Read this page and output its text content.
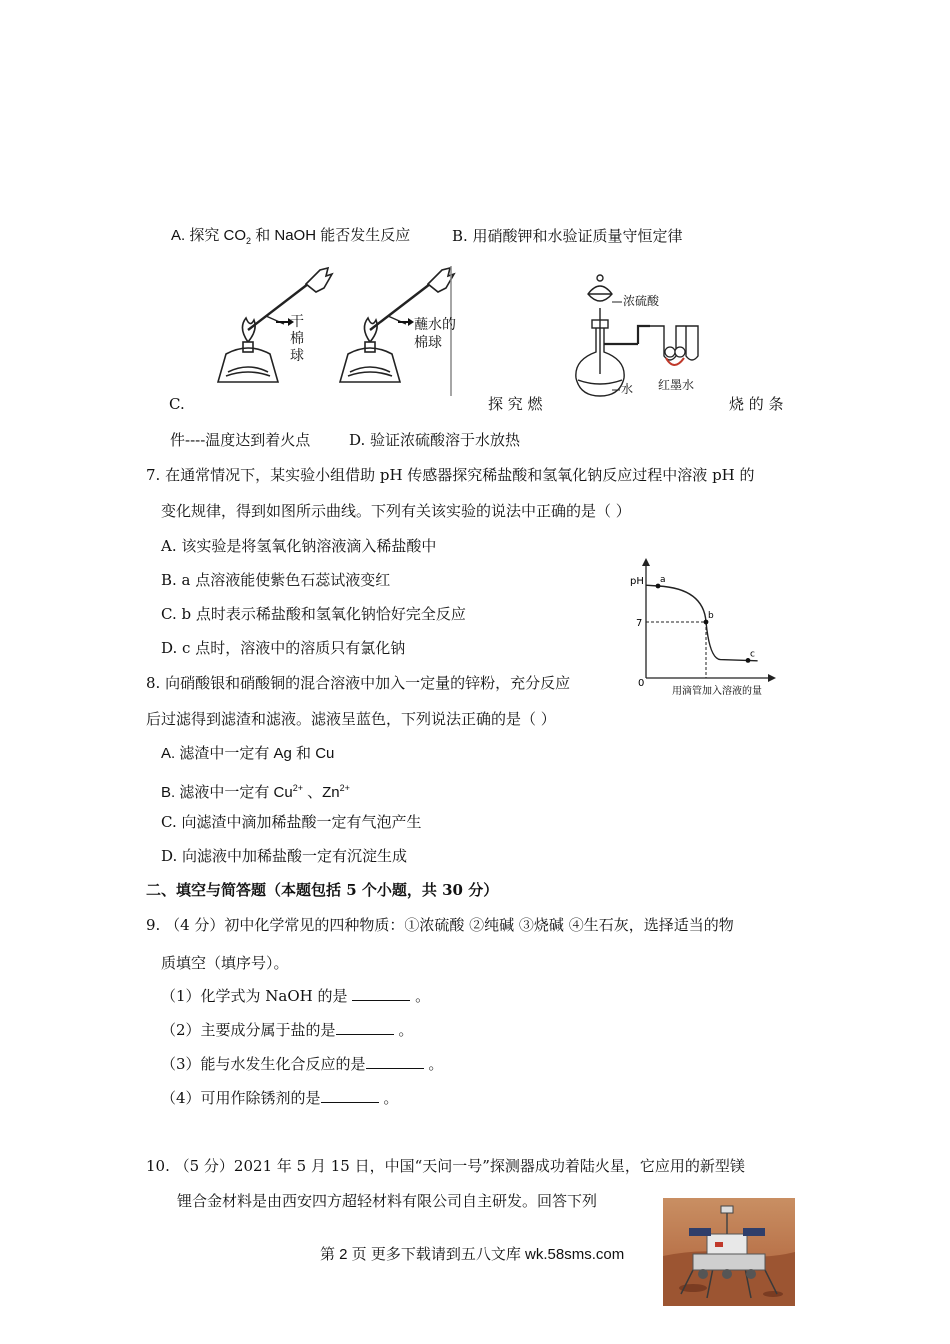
A. 探究 $CO_2$ 和 NaOH 能否发生反应	B. 用硝酸钾和水验证质量守恒定律
干棉球
蘸水的棉球
浓硫酸
水 红墨水
C.	探 究 燃	烧 的 条
件----温度达到着火点	D. 验证浓硫酸溶于水放热
7. 在通常情况下，某实验小组借助 pH 传感器探究稀盐酸和氢氧化钠反应过程中溶液 pH 的
变化规律，得到如图所示曲线。下列有关该实验的说法中正确的是（ ）
A. 该实验是将氢氧化钠溶液滴入稀盐酸中
B. a 点溶液能使紫色石蕊试液变红
C. b 点时表示稀盐酸和氢氧化钠恰好完全反应
D. c 点时，溶液中的溶质只有氯化钠
pH
0
7
a
b
c
用滴管加入溶液的量
8. 向硝酸银和硝酸铜的混合溶液中加入一定量的锌粉，充分反应
后过滤得到滤渣和滤液。滤液呈蓝色，下列说法正确的是（ ）
A. 滤渣中一定有 Ag 和 Cu
B. 滤液中一定有 $Cu^{2+}$ 、$Zn^{2+}$
C. 向滤渣中滴加稀盐酸一定有气泡产生
D. 向滤液中加稀盐酸一定有沉淀生成
二、填空与简答题（本题包括 5 个小题，共 30 分）
9. （4 分）初中化学常见的四种物质：①浓硫酸 ②纯碱 ③烧碱 ④生石灰，选择适当的物
质填空（填序号）。
（1）化学式为 NaOH 的是	。
（2）主要成分属于盐的是	。
（3）能与水发生化合反应的是	。
（4）可用作除锈剂的是	。
10. （5 分）2021 年 5 月 15 日，中国“天问一号”探测器成功着陆火星，它应用的新型镁
锂合金材料是由西安四方超轻材料有限公司自主研发。回答下列
第 2 页 更多下载请到五八文库 wk.58sms.com
